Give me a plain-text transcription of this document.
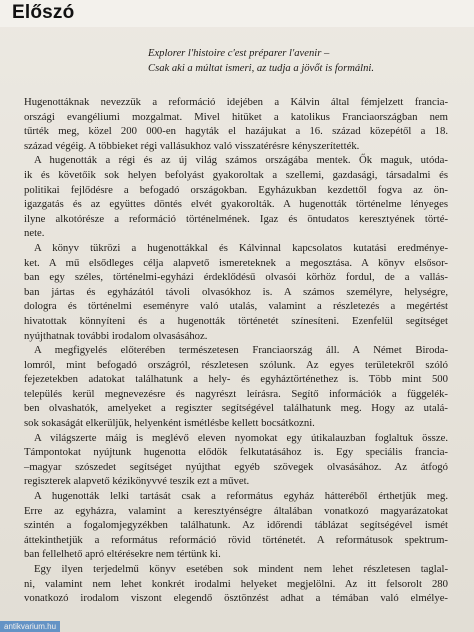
Előszó
Explorer l'histoire c'est préparer l'avenir –
Csak aki a múltat ismeri, az tudja a jövőt is formálni.
Hugenottáknak nevezzük a reformáció idejében a Kálvin által fémjelzett francia-
országi evangéliumi mozgalmat. Mivel hitüket a katolikus Franciaországban nem
tűrték meg, közel 200 000-en hagyták el hazájukat a 16. század közepétől a 18.
század végéig. A többieket régi vallásukhoz való visszatérésre kényszerítették.
A hugenották a régi és az új világ számos országába mentek. Ők maguk, utóda-
ik és követőik sok helyen befolyást gyakoroltak a szellemi, gazdasági, társadalmi és
politikai fejlődésre a befogadó országokban. Egyházukban kezdettől fogva az ön-
igazgatás és az együttes döntés elvét gyakorolták. A hugenották történelme lényeges
ilyne alkotórésze a reformáció történelmének. Igaz és öntudatos keresztyének törté-
nete.
A könyv tükrözi a hugenottákkal és Kálvinnal kapcsolatos kutatási eredménye-
ket. A mű elsődleges célja alapvető ismereteknek a megosztása. A könyv elsősor-
ban egy széles, történelmi-egyházi érdeklődésű olvasói körhöz fordul, de a vallás-
ban jártas és egyházától távoli olvasókhoz is. A számos személyre, helységre,
dologra és történelmi eseményre való utalás, valamint a részletezés a megértést
hivatottak könnyíteni és a hugenották történetét színesíteni. Ezenfelül segítséget
nyújthatnak további irodalom olvasásához.
A megfigyelés előterében természetesen Franciaország áll. A Német Biroda-
lomról, mint befogadó országról, részletesen szólunk. Az egyes területekről szóló
fejezetekben adatokat találhatunk a hely- és egyháztörténethez is. Több mint 500
település kerül megnevezésre és nagyrészt leírásra. Segítő információk a függelék-
ben olvashatók, amelyeket a regiszter segítségével találhatunk meg. Hogy az utalá-
sok sokaságát elkerüljük, helyenként ismétlésbe kellett bocsátkozni.
A világszerte máig is meglévő eleven nyomokat egy útikalauzban foglaltuk össze.
Támpontokat nyújtunk hugenotta elődök felkutatásához is. Egy speciális francia-
–magyar szószedet segítséget nyújthat egyéb szövegek olvasásához. Az átfogó
regiszterek alapvető kézikönyvvé teszik ezt a művet.
A hugenották lelki tartását csak a református egyház hátteréből érthetjük meg.
Erre az egyházra, valamint a keresztyénségre általában vonatkozó magyarázatokat
szintén a fogalomjegyzékben találhatunk. Az időrendi táblázat segítségével ismét
áttekinthetjük a református reformáció rövid történetét. A reformátusok spektrum-
ban fellelhető apró eltérésekre nem tértünk ki.
Egy ilyen terjedelmű könyv esetében sok mindent nem lehet részletesen taglal-
ni, valamint nem lehet konkrét irodalmi helyeket megjelölni. Az itt felsorolt 280
vonatkozó irodalom viszont elegendő ösztönzést adhat a témában való elmélye-
antikvarium.hu
